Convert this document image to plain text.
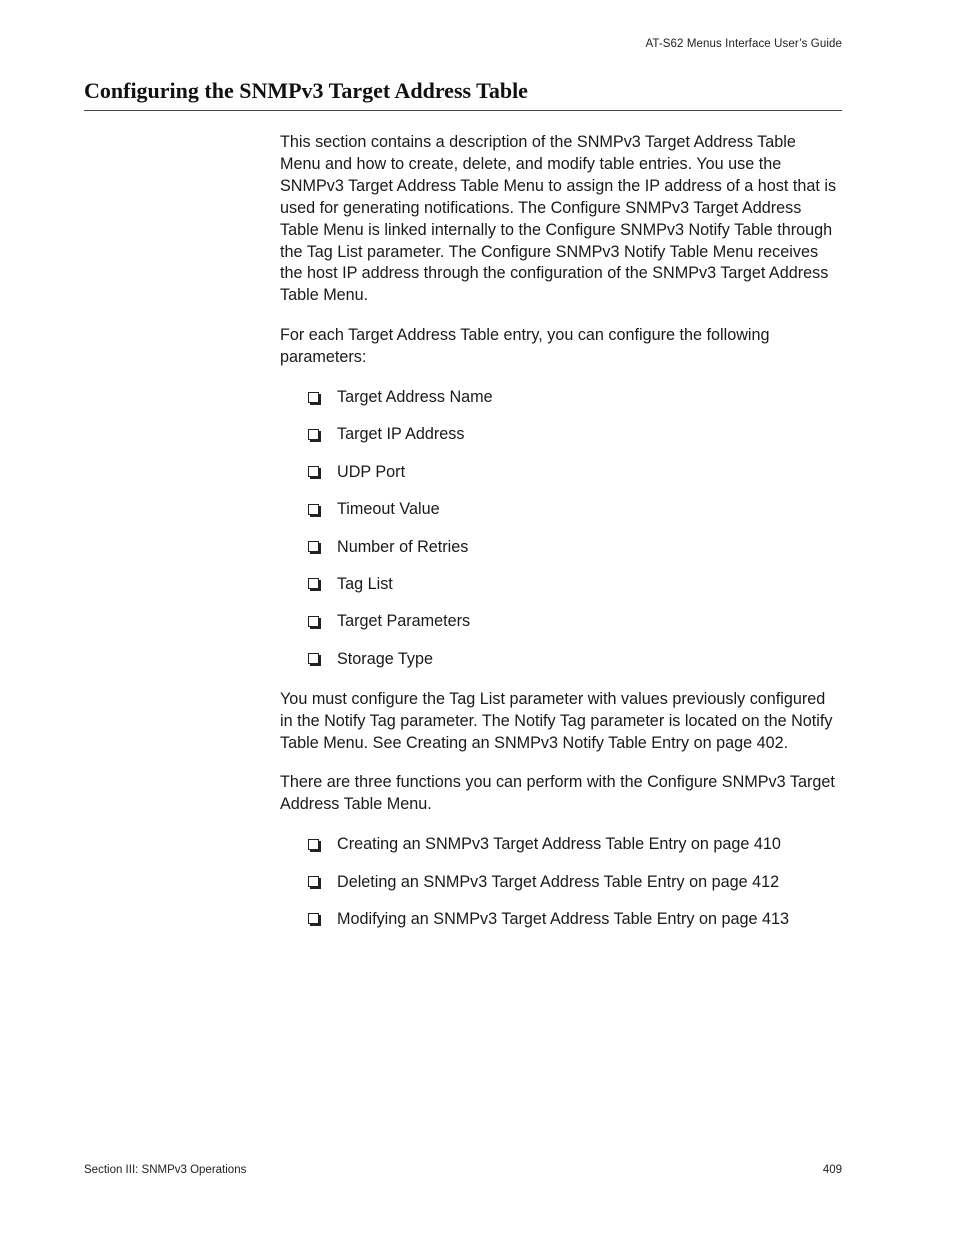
AT-S62 Menus Interface User’s Guide
Configuring the SNMPv3 Target Address Table

This section contains a description of the SNMPv3 Target Address Table Menu and how to create, delete, and modify table entries. You use the SNMPv3 Target Address Table Menu to assign the IP address of a host that is used for generating notifications. The Configure SNMPv3 Target Address Table Menu is linked internally to the Configure SNMPv3 Notify Table through the Tag List parameter. The Configure SNMPv3 Notify Table Menu receives the host IP address through the configuration of the SNMPv3 Target Address Table Menu.

For each Target Address Table entry, you can configure the following parameters:

Target Address Name
Target IP Address
UDP Port
Timeout Value
Number of Retries
Tag List
Target Parameters
Storage Type

You must configure the Tag List parameter with values previously configured in the Notify Tag parameter. The Notify Tag parameter is located on the Notify Table Menu. See Creating an SNMPv3 Notify Table Entry on page 402.

There are three functions you can perform with the Configure SNMPv3 Target Address Table Menu.

Creating an SNMPv3 Target Address Table Entry on page 410
Deleting an SNMPv3 Target Address Table Entry on page 412
Modifying an SNMPv3 Target Address Table Entry on page 413
Section III: SNMPv3 Operations	409
